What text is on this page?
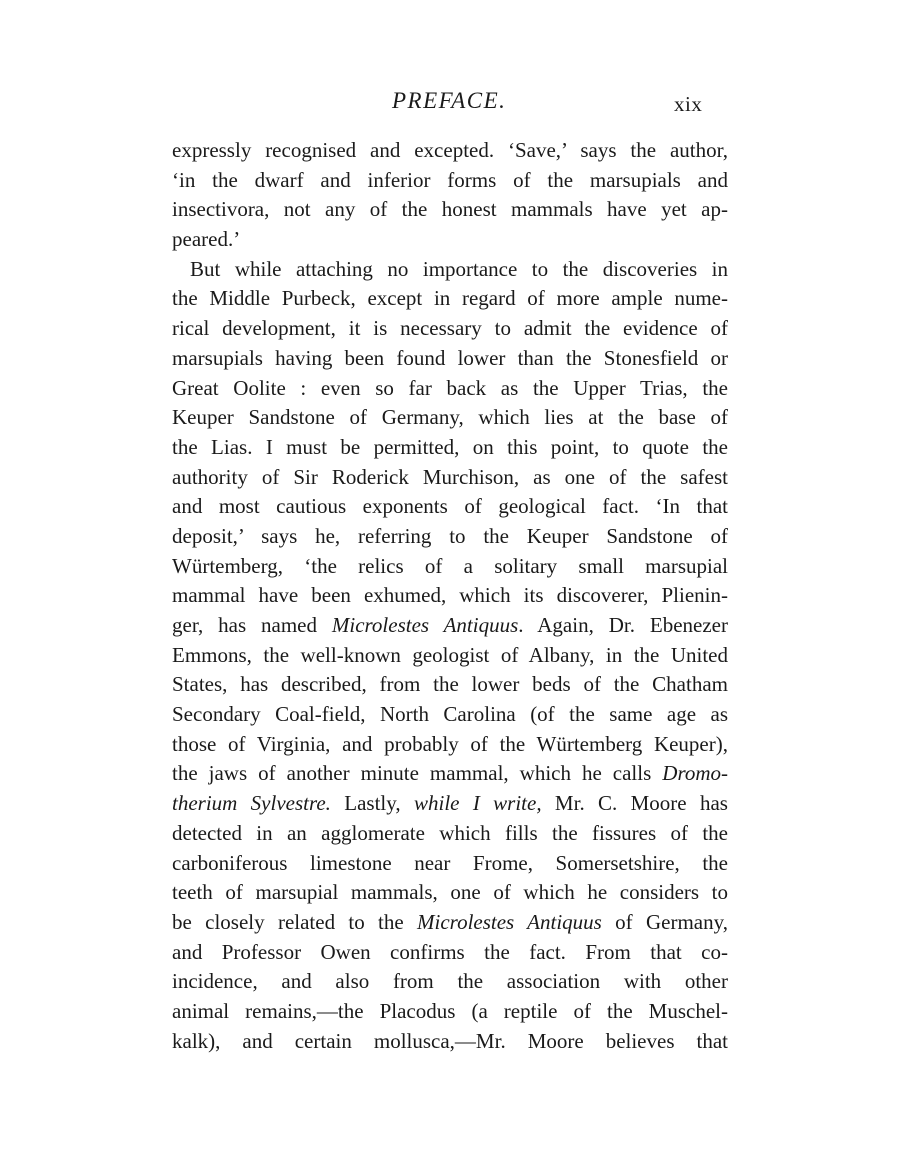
PREFACE.	xix
expressly recognised and excepted. ‘Save,’ says the author,
‘in the dwarf and inferior forms of the marsupials and
insectivora, not any of the honest mammals have yet ap-
peared.’
But while attaching no importance to the discoveries in
the Middle Purbeck, except in regard of more ample nume-
rical development, it is necessary to admit the evidence of
marsupials having been found lower than the Stonesfield or
Great Oolite : even so far back as the Upper Trias, the
Keuper Sandstone of Germany, which lies at the base of
the Lias. I must be permitted, on this point, to quote the
authority of Sir Roderick Murchison, as one of the safest
and most cautious exponents of geological fact. ‘In that
deposit,’ says he, referring to the Keuper Sandstone of
Würtemberg, ‘the relics of a solitary small marsupial
mammal have been exhumed, which its discoverer, Plienin-
ger, has named Microlestes Antiquus. Again, Dr. Ebenezer
Emmons, the well-known geologist of Albany, in the United
States, has described, from the lower beds of the Chatham
Secondary Coal-field, North Carolina (of the same age as
those of Virginia, and probably of the Würtemberg Keuper),
the jaws of another minute mammal, which he calls Dromo-
therium Sylvestre. Lastly, while I write, Mr. C. Moore has
detected in an agglomerate which fills the fissures of the
carboniferous limestone near Frome, Somersetshire, the
teeth of marsupial mammals, one of which he considers to
be closely related to the Microlestes Antiquus of Germany,
and Professor Owen confirms the fact. From that co-
incidence, and also from the association with other
animal remains,—the Placodus (a reptile of the Muschel-
kalk), and certain mollusca,—Mr. Moore believes that
